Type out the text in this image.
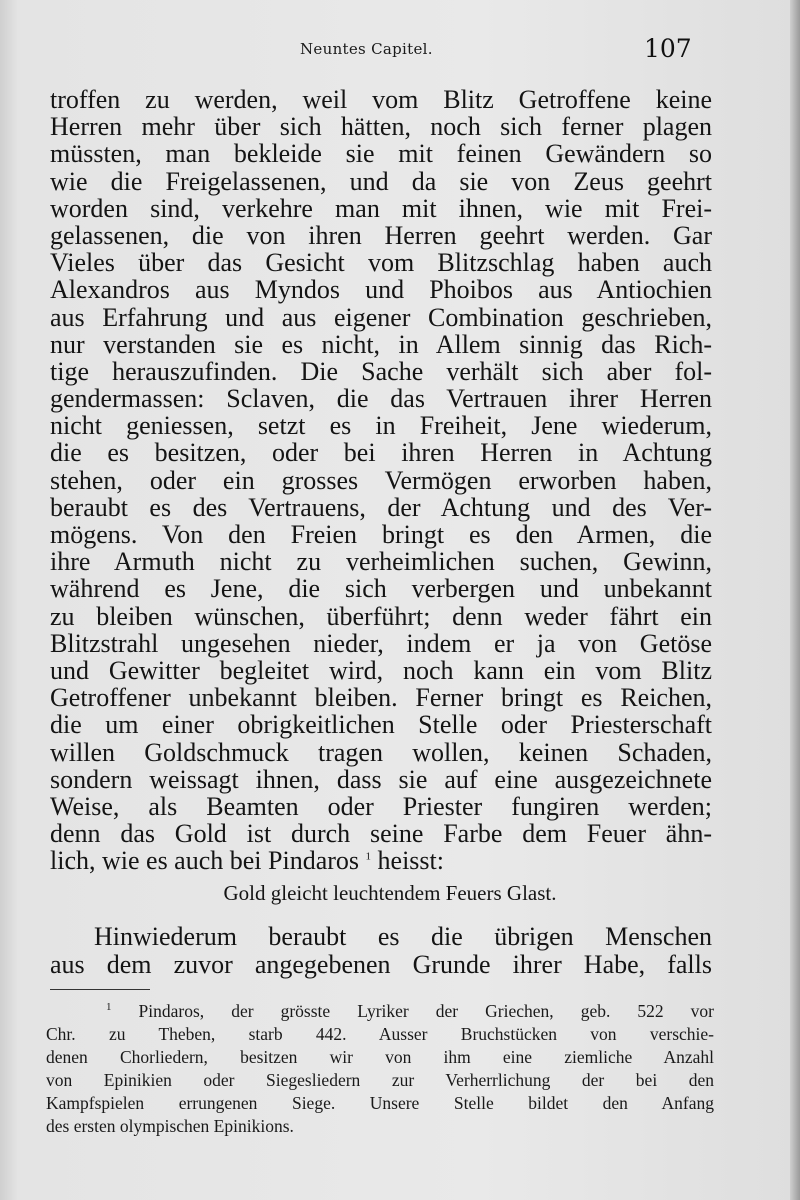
Neuntes Capitel.	107
troffen zu werden, weil vom Blitz Getroffene keine
Herren mehr über sich hätten, noch sich ferner plagen
müssten, man bekleide sie mit feinen Gewändern so
wie die Freigelassenen, und da sie von Zeus geehrt
worden sind, verkehre man mit ihnen, wie mit Frei-
gelassenen, die von ihren Herren geehrt werden. Gar
Vieles über das Gesicht vom Blitzschlag haben auch
Alexandros aus Myndos und Phoibos aus Antiochien
aus Erfahrung und aus eigener Combination geschrieben,
nur verstanden sie es nicht, in Allem sinnig das Rich-
tige herauszufinden. Die Sache verhält sich aber fol-
gendermassen: Sclaven, die das Vertrauen ihrer Herren
nicht geniessen, setzt es in Freiheit, Jene wiederum,
die es besitzen, oder bei ihren Herren in Achtung
stehen, oder ein grosses Vermögen erworben haben,
beraubt es des Vertrauens, der Achtung und des Ver-
mögens. Von den Freien bringt es den Armen, die
ihre Armuth nicht zu verheimlichen suchen, Gewinn,
während es Jene, die sich verbergen und unbekannt
zu bleiben wünschen, überführt; denn weder fährt ein
Blitzstrahl ungesehen nieder, indem er ja von Getöse
und Gewitter begleitet wird, noch kann ein vom Blitz
Getroffener unbekannt bleiben. Ferner bringt es Reichen,
die um einer obrigkeitlichen Stelle oder Priesterschaft
willen Goldschmuck tragen wollen, keinen Schaden,
sondern weissagt ihnen, dass sie auf eine ausgezeichnete
Weise, als Beamten oder Priester fungiren werden;
denn das Gold ist durch seine Farbe dem Feuer ähn-
lich, wie es auch bei Pindaros $^1$ heisst:
Gold gleicht leuchtendem Feuers Glast.
Hinwiederum beraubt es die übrigen Menschen
aus dem zuvor angegebenen Grunde ihrer Habe, falls
$^1$ Pindaros, der grösste Lyriker der Griechen, geb. 522 vor
Chr. zu Theben, starb 442. Ausser Bruchstücken von verschie-
denen Chorliedern, besitzen wir von ihm eine ziemliche Anzahl
von Epinikien oder Siegesliedern zur Verherrlichung der bei den
Kampfspielen errungenen Siege. Unsere Stelle bildet den Anfang
des ersten olympischen Epinikions.
